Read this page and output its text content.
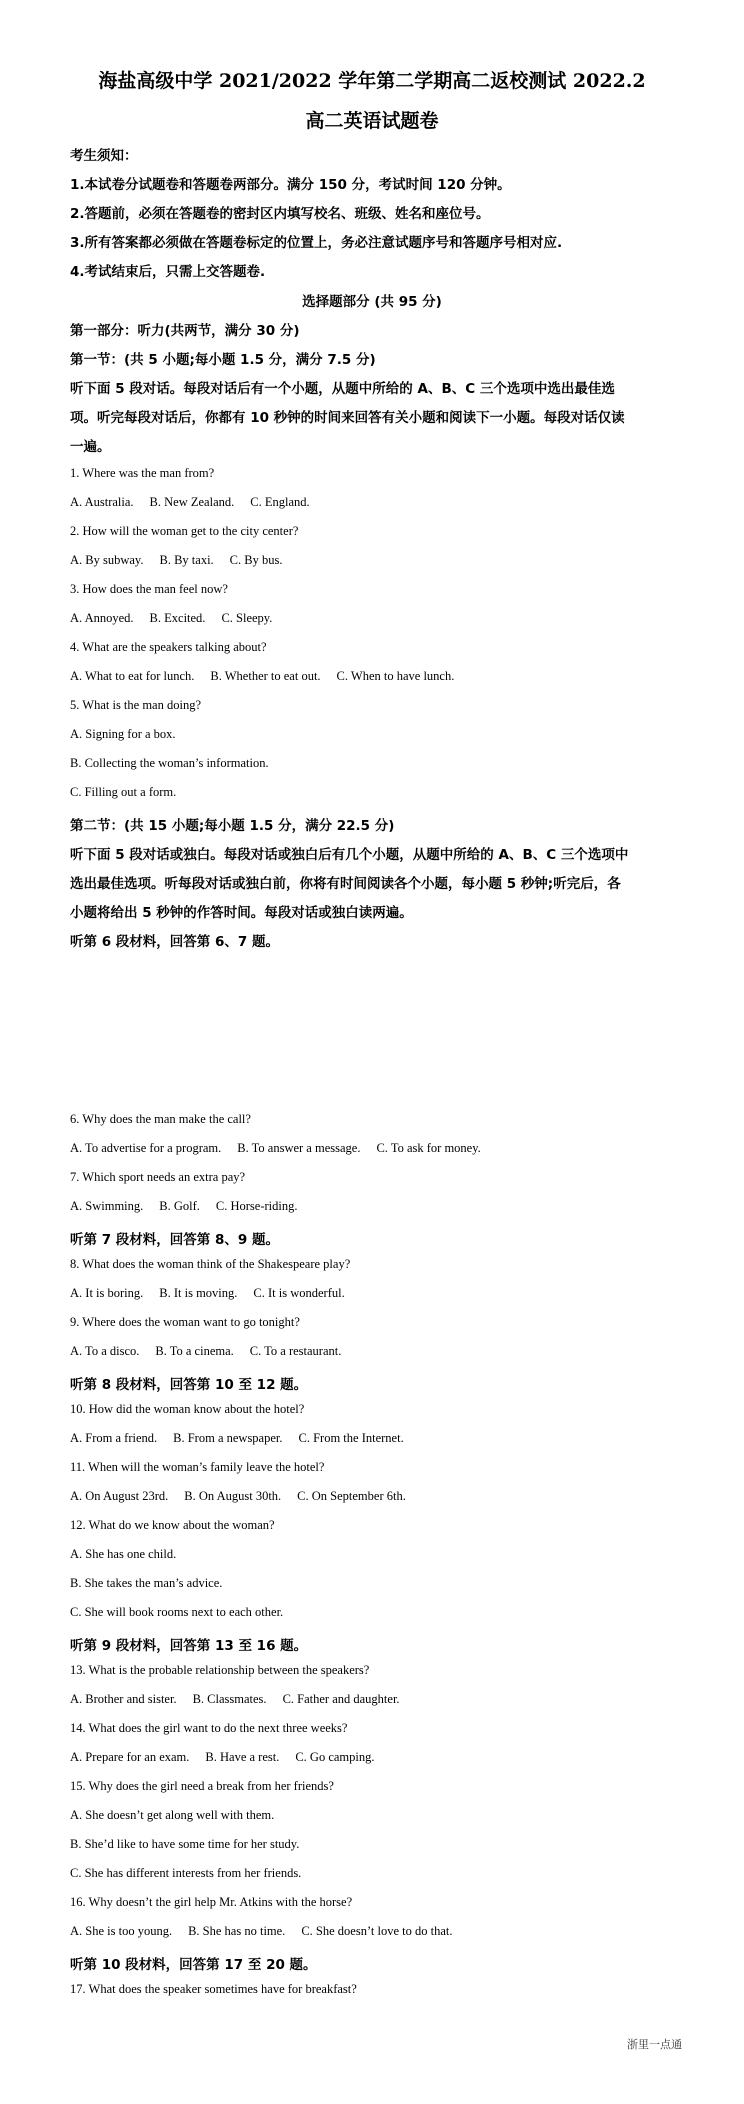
海盐高级中学 2021/2022 学年第二学期高二返校测试 2022.2
高二英语试题卷
考生须知：
1.本试卷分试题卷和答题卷两部分。满分 150 分，考试时间 120 分钟。
2.答题前，必须在答题卷的密封区内填写校名、班级、姓名和座位号。
3.所有答案都必须做在答题卷标定的位置上，务必注意试题序号和答题序号相对应.
4.考试结束后，只需上交答题卷.
选择题部分 (共 95 分)
第一部分：听力(共两节，满分 30 分)
第一节：(共 5 小题;每小题 1.5 分，满分 7.5 分)
听下面 5 段对话。每段对话后有一个小题，从题中所给的 A、B、C 三个选项中选出最佳选
项。听完每段对话后，你都有 10 秒钟的时间来回答有关小题和阅读下一小题。每段对话仅读
一遍。
1. Where was the man from?
A. Australia. B. New Zealand. C. England.
2. How will the woman get to the city center?
A. By subway. B. By taxi. C. By bus.
3. How does the man feel now?
A. Annoyed. B. Excited. C. Sleepy.
4. What are the speakers talking about?
A. What to eat for lunch. B. Whether to eat out. C. When to have lunch.
5. What is the man doing?
A. Signing for a box.
B. Collecting the woman’s information.
C. Filling out a form.
第二节：(共 15 小题;每小题 1.5 分，满分 22.5 分)
听下面 5 段对话或独白。每段对话或独白后有几个小题，从题中所给的 A、B、C 三个选项中
选出最佳选项。听每段对话或独白前，你将有时间阅读各个小题，每小题 5 秒钟;听完后，各
小题将给出 5 秒钟的作答时间。每段对话或独白读两遍。
听第 6 段材料，回答第 6、7 题。
6. Why does the man make the call?
A. To advertise for a program. B. To answer a message. C. To ask for money.
7. Which sport needs an extra pay?
A. Swimming. B. Golf. C. Horse-riding.
听第 7 段材料，回答第 8、9 题。
8. What does the woman think of the Shakespeare play?
A. It is boring. B. It is moving. C. It is wonderful.
9. Where does the woman want to go tonight?
A. To a disco. B. To a cinema. C. To a restaurant.
听第 8 段材料，回答第 10 至 12 题。
10. How did the woman know about the hotel?
A. From a friend. B. From a newspaper. C. From the Internet.
11. When will the woman’s family leave the hotel?
A. On August 23rd. B. On August 30th. C. On September 6th.
12. What do we know about the woman?
A. She has one child.
B. She takes the man’s advice.
C. She will book rooms next to each other.
听第 9 段材料，回答第 13 至 16 题。
13. What is the probable relationship between the speakers?
A. Brother and sister. B. Classmates. C. Father and daughter.
14. What does the girl want to do the next three weeks?
A. Prepare for an exam. B. Have a rest. C. Go camping.
15. Why does the girl need a break from her friends?
A. She doesn’t get along well with them.
B. She’d like to have some time for her study.
C. She has different interests from her friends.
16. Why doesn’t the girl help Mr. Atkins with the horse?
A. She is too young. B. She has no time. C. She doesn’t love to do that.
听第 10 段材料，回答第 17 至 20 题。
17. What does the speaker sometimes have for breakfast?
浙里一点通
